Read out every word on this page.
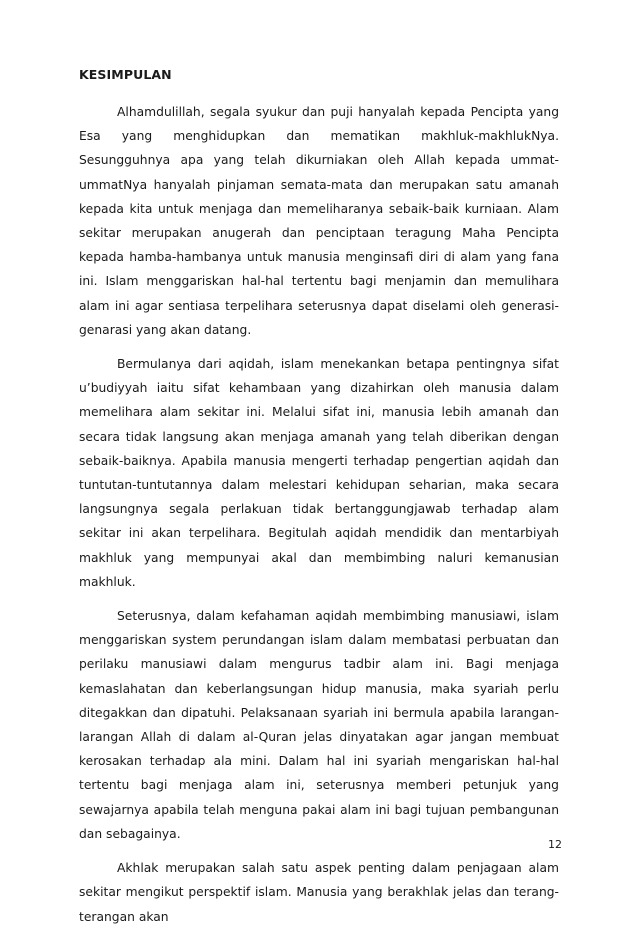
KESIMPULAN

Alhamdulillah, segala syukur dan puji hanyalah kepada Pencipta yang Esa yang menghidupkan dan mematikan makhluk-makhlukNya. Sesungguhnya apa yang telah dikurniakan oleh Allah kepada ummat-ummatNya hanyalah pinjaman semata-mata dan merupakan satu amanah kepada kita untuk menjaga dan memeliharanya sebaik-baik kurniaan. Alam sekitar merupakan anugerah dan penciptaan teragung Maha Pencipta kepada hamba-hambanya untuk manusia menginsafi diri di alam yang fana ini. Islam menggariskan hal-hal tertentu bagi menjamin dan memulihara alam ini agar sentiasa terpelihara seterusnya dapat diselami oleh generasi-genarasi yang akan datang.

Bermulanya dari aqidah, islam menekankan betapa pentingnya sifat u’budiyyah iaitu sifat kehambaan yang dizahirkan oleh manusia dalam memelihara alam sekitar ini. Melalui sifat ini, manusia lebih amanah dan secara tidak langsung akan menjaga amanah yang telah diberikan dengan sebaik-baiknya. Apabila manusia mengerti terhadap pengertian aqidah dan tuntutan-tuntutannya dalam melestari kehidupan seharian, maka secara langsungnya segala perlakuan tidak bertanggungjawab terhadap alam sekitar ini akan terpelihara. Begitulah aqidah mendidik dan mentarbiyah makhluk yang mempunyai akal dan membimbing naluri kemanusian makhluk.

Seterusnya, dalam kefahaman aqidah membimbing manusiawi, islam menggariskan system perundangan islam dalam membatasi perbuatan dan perilaku manusiawi dalam mengurus tadbir alam ini. Bagi menjaga kemaslahatan dan keberlangsungan hidup manusia, maka syariah perlu ditegakkan dan dipatuhi. Pelaksanaan syariah ini bermula apabila larangan-larangan Allah di dalam al-Quran jelas dinyatakan agar jangan membuat kerosakan terhadap ala mini. Dalam hal ini syariah mengariskan hal-hal tertentu bagi menjaga alam ini, seterusnya memberi petunjuk yang sewajarnya apabila telah menguna pakai alam ini bagi tujuan pembangunan dan sebagainya.

Akhlak merupakan salah satu aspek penting dalam penjagaan alam sekitar mengikut perspektif islam. Manusia yang berakhlak jelas dan terang-terangan akan

12
